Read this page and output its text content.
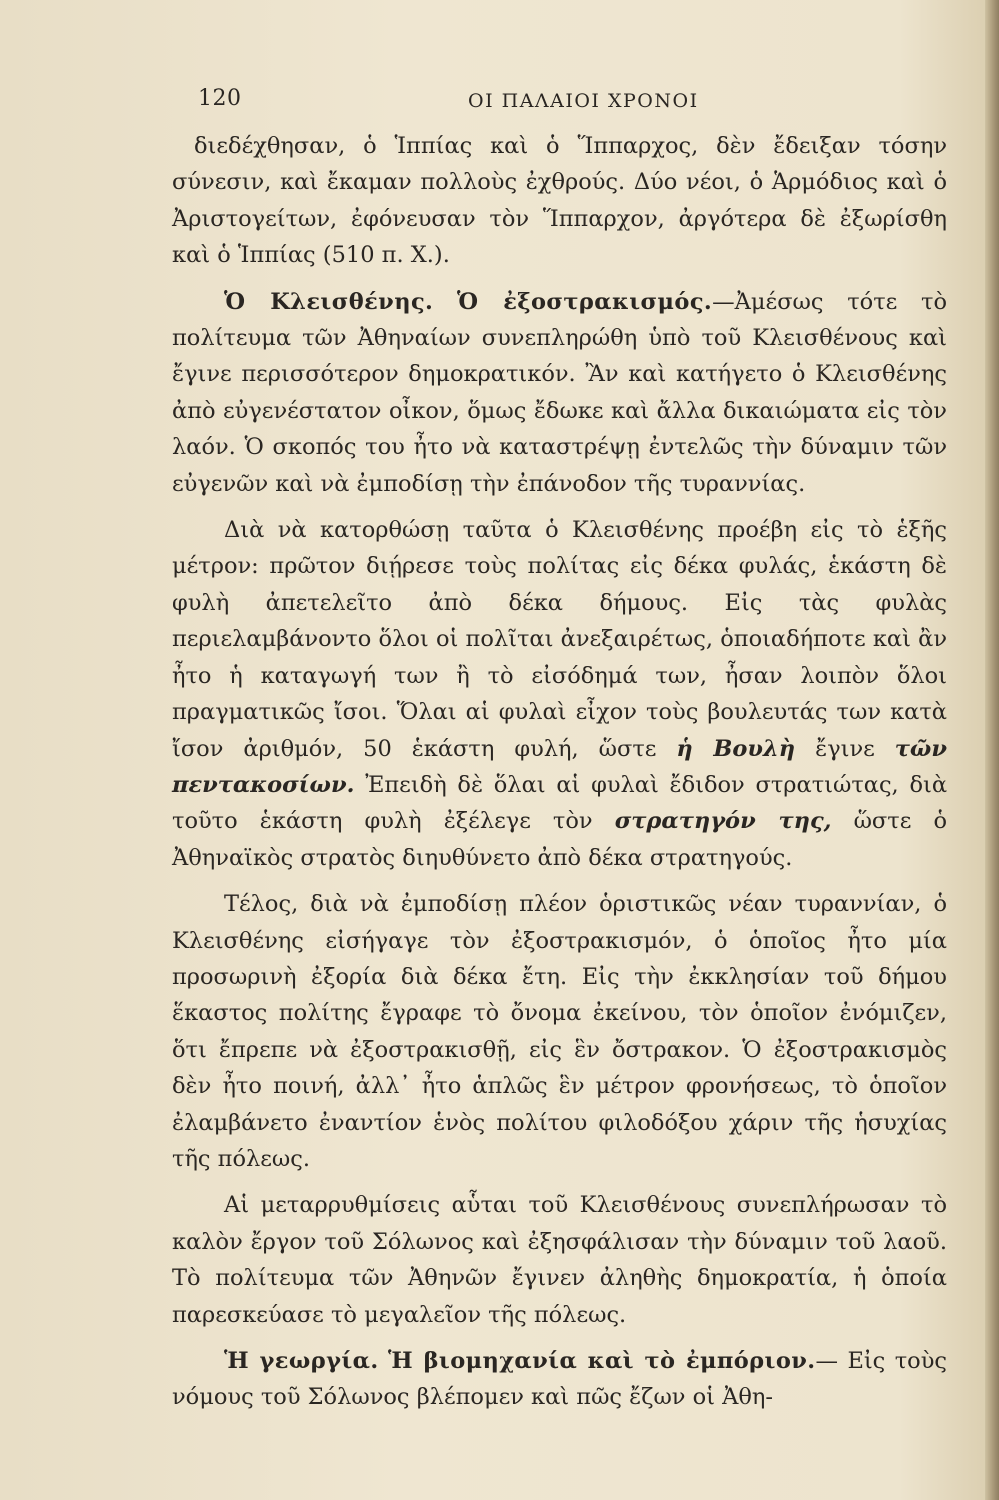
120	ΟΙ ΠΑΛΑΙΟΙ ΧΡΟΝΟΙ

διεδέχθησαν, ὁ Ἱππίας καὶ ὁ Ἵππαρχος, δὲν ἔδειξαν τόσην σύνεσιν, καὶ ἔκαμαν πολλοὺς ἐχθρούς. Δύο νέοι, ὁ Ἁρμόδιος καὶ ὁ Ἀριστογείτων, ἐφόνευσαν τὸν Ἵππαρχον, ἀργότερα δὲ ἐξωρίσθη καὶ ὁ Ἱππίας (510 π. Χ.).

Ὁ Κλεισθένης. Ὁ ἐξοστρακισμός.—Ἀμέσως τότε τὸ πολίτευμα τῶν Ἀθηναίων συνεπληρώθη ὑπὸ τοῦ Κλεισθένους καὶ ἔγινε περισσότερον δημοκρατικόν. Ἂν καὶ κατήγετο ὁ Κλεισθένης ἀπὸ εὐγενέστατον οἶκον, ὅμως ἔδωκε καὶ ἄλλα δικαιώματα εἰς τὸν λαόν. Ὁ σκοπός του ἦτο νὰ καταστρέψῃ ἐντελῶς τὴν δύναμιν τῶν εὐγενῶν καὶ νὰ ἐμποδίσῃ τὴν ἐπάνοδον τῆς τυραννίας.

Διὰ νὰ κατορθώσῃ ταῦτα ὁ Κλεισθένης προέβη εἰς τὸ ἑξῆς μέτρον: πρῶτον διῄρεσε τοὺς πολίτας εἰς δέκα φυλάς, ἑκάστη δὲ φυλὴ ἀπετελεῖτο ἀπὸ δέκα δήμους. Εἰς τὰς φυλὰς περιελαμβάνοντο ὅλοι οἱ πολῖται ἀνεξαιρέτως, ὁποιαδήποτε καὶ ἂν ἦτο ἡ καταγωγή των ἢ τὸ εἰσόδημά των, ἦσαν λοιπὸν ὅλοι πραγματικῶς ἴσοι. Ὅλαι αἱ φυλαὶ εἶχον τοὺς βουλευτάς των κατὰ ἴσον ἀριθμόν, 50 ἑκάστη φυλή, ὥστε ἡ Βουλὴ ἔγινε τῶν πεντακοσίων. Ἐπειδὴ δὲ ὅλαι αἱ φυλαὶ ἔδιδον στρατιώτας, διὰ τοῦτο ἑκάστη φυλὴ ἐξέλεγε τὸν στρατηγόν της, ὥστε ὁ Ἀθηναϊκὸς στρατὸς διηυθύνετο ἀπὸ δέκα στρατηγούς.

Τέλος, διὰ νὰ ἐμποδίσῃ πλέον ὁριστικῶς νέαν τυραννίαν, ὁ Κλεισθένης εἰσήγαγε τὸν ἐξοστρακισμόν, ὁ ὁποῖος ἦτο μία προσωρινὴ ἐξορία διὰ δέκα ἔτη. Εἰς τὴν ἐκκλησίαν τοῦ δήμου ἕκαστος πολίτης ἔγραφε τὸ ὄνομα ἐκείνου, τὸν ὁποῖον ἐνόμιζεν, ὅτι ἔπρεπε νὰ ἐξοστρακισθῇ, εἰς ἓν ὄστρακον. Ὁ ἐξοστρακισμὸς δὲν ἦτο ποινή, ἀλλ᾽ ἦτο ἁπλῶς ἓν μέτρον φρονήσεως, τὸ ὁποῖον ἐλαμβάνετο ἐναντίον ἑνὸς πολίτου φιλοδόξου χάριν τῆς ἡσυχίας τῆς πόλεως.

Αἱ μεταρρυθμίσεις αὗται τοῦ Κλεισθένους συνεπλήρωσαν τὸ καλὸν ἔργον τοῦ Σόλωνος καὶ ἐξησφάλισαν τὴν δύναμιν τοῦ λαοῦ. Τὸ πολίτευμα τῶν Ἀθηνῶν ἔγινεν ἀληθὴς δημοκρατία, ἡ ὁποία παρεσκεύασε τὸ μεγαλεῖον τῆς πόλεως.

Ἡ γεωργία. Ἡ βιομηχανία καὶ τὸ ἐμπόριον.— Εἰς τοὺς νόμους τοῦ Σόλωνος βλέπομεν καὶ πῶς ἔζων οἱ Ἀθη-
